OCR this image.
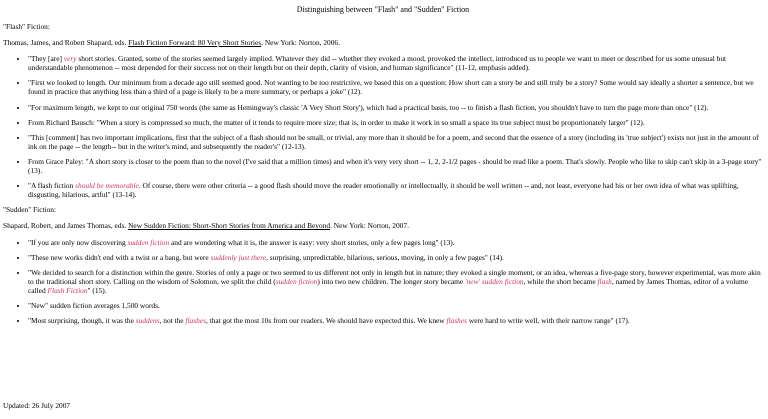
Distinguishing between "Flash" and "Sudden" Fiction
"Flash" Fiction:
Thomas, James, and Robert Shapard, eds. Flash Fiction Forward: 80 Very Short Stories. New York: Norton, 2006.
• "They [are] very short stories. Granted, some of the stories seemed largely implied. Whatever they did -- whether they evoked a mood, provoked the intellect, introduced us to people we want to meet or described for us some unusual but understandable phenomenon -- most depended for their success not on their length but on their depth, clarity of vision, and human significance" (11-12, emphasis added).
• "First we looked to length. Our minimum from a decade ago still seemed good. Not wanting to be too restrictive, we based this on a question: How short can a story be and still truly be a story? Some would say ideally a shorter a sentence, but we found in practice that anything less than a third of a page is likely to be a mere summary, or perhaps a joke" (12).
• "For maximum length, we kept to our original 750 words (the same as Hemingway's classic 'A Very Short Story'), which had a practical basis, too -- to finish a flash fiction, you shouldn't have to turn the page more than once" (12).
• From Richard Bausch: "When a story is compressed so much, the matter of it tends to require more size; that is, in order to make it work in so small a space its true subject must be proportionately larger" (12).
• "This [comment] has two important implications, first that the subject of a flash should not be small, or trivial, any more than it should be for a poem, and second that the essence of a story (including its 'true subject') exists not just in the amount of ink on the page -- the length-- but in the writer's mind, and subsequently the reader's" (12-13).
• From Grace Paley: "A short story is closer to the poem than to the novel (I've said that a million times) and when it's very very short -- 1, 2, 2-1/2 pages - should be read like a poem. That's slowly. People who like to skip can't skip in a 3-page story" (13).
• "A flash fiction should be memorable. Of course, there were other criteria -- a good flash should move the reader emotionally or intellectually, it should be well written -- and, not least, everyone had his or her own idea of what was uplifting, disgusting, hilarious, artful" (13-14).
"Sudden" Fiction:
Shapard, Robert, and James Thomas, eds. New Sudden Fiction: Short-Short Stories from America and Beyond. New York: Norton, 2007.
• "If you are only now discovering sudden fiction and are wondering what it is, the answer is easy: very short stories, only a few pages long" (13).
• "These new works didn't end with a twist or a bang, but were suddenly just there, surprising, unpredictable, hilarious, serious, moving, in only a few pages" (14).
• "We decided to search for a distinction within the genre. Stories of only a page or two seemed to us different not only in length but in nature; they evoked a single moment, or an idea, whereas a five-page story, however experimental, was more akin to the traditional short story. Calling on the wisdom of Solomon, we split the child (sudden fiction) into two new children. The longer story became 'new' sudden fiction, while the short became flash, named by James Thomas, editor of a volume called Flash Fiction" (15).
• "New" sudden fiction averages 1,500 words.
• "Most surprising, though, it was the suddens, not the flashes, that got the most 10s from our readers. We should have expected this. We knew flashes were hard to write well, with their narrow range" (17).
Updated: 26 July 2007
